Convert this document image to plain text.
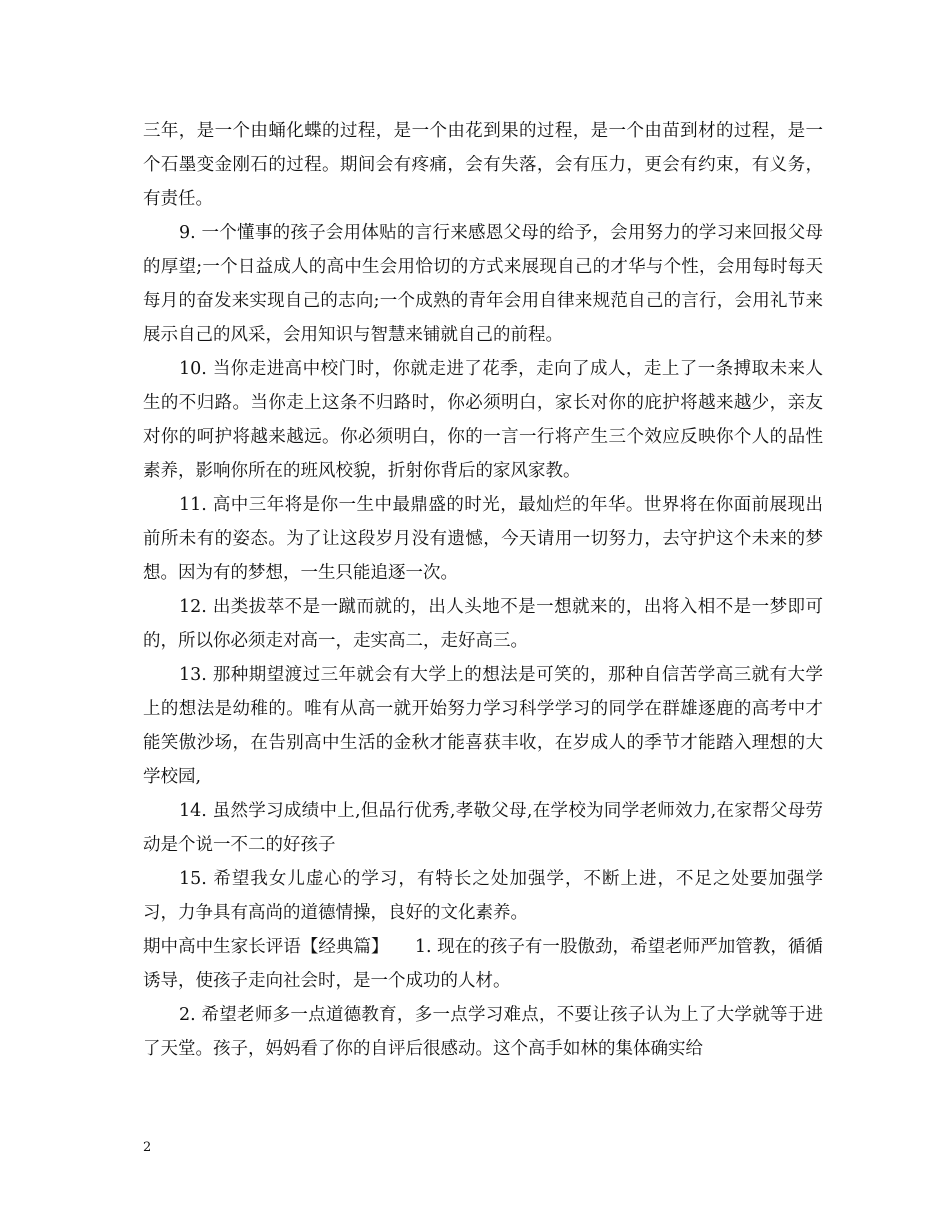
三年，是一个由蛹化蝶的过程，是一个由花到果的过程，是一个由苗到材的过程，是一个石墨变金刚石的过程。期间会有疼痛，会有失落，会有压力，更会有约束，有义务，有责任。

9. 一个懂事的孩子会用体贴的言行来感恩父母的给予，会用努力的学习来回报父母的厚望;一个日益成人的高中生会用恰切的方式来展现自己的才华与个性，会用每时每天每月的奋发来实现自己的志向;一个成熟的青年会用自律来规范自己的言行，会用礼节来展示自己的风采，会用知识与智慧来铺就自己的前程。

10. 当你走进高中校门时，你就走进了花季，走向了成人，走上了一条搏取未来人生的不归路。当你走上这条不归路时，你必须明白，家长对你的庇护将越来越少，亲友对你的呵护将越来越远。你必须明白，你的一言一行将产生三个效应反映你个人的品性素养，影响你所在的班风校貌，折射你背后的家风家教。

11. 高中三年将是你一生中最鼎盛的时光，最灿烂的年华。世界将在你面前展现出前所未有的姿态。为了让这段岁月没有遗憾，今天请用一切努力，去守护这个未来的梦想。因为有的梦想，一生只能追逐一次。

12. 出类拔萃不是一蹴而就的，出人头地不是一想就来的，出将入相不是一梦即可的，所以你必须走对高一，走实高二，走好高三。

13. 那种期望渡过三年就会有大学上的想法是可笑的，那种自信苦学高三就有大学上的想法是幼稚的。唯有从高一就开始努力学习科学学习的同学在群雄逐鹿的高考中才能笑傲沙场，在告别高中生活的金秋才能喜获丰收，在岁成人的季节才能踏入理想的大学校园,

14. 虽然学习成绩中上,但品行优秀,孝敬父母,在学校为同学老师效力,在家帮父母劳动是个说一不二的好孩子

15. 希望我女儿虚心的学习，有特长之处加强学，不断上进，不足之处要加强学习，力争具有高尚的道德情操，良好的文化素养。

期中高中生家长评语【经典篇】　　1. 现在的孩子有一股傲劲，希望老师严加管教，循循诱导，使孩子走向社会时，是一个成功的人材。

2. 希望老师多一点道德教育，多一点学习难点，不要让孩子认为上了大学就等于进了天堂。孩子，妈妈看了你的自评后很感动。这个高手如林的集体确实给

2
